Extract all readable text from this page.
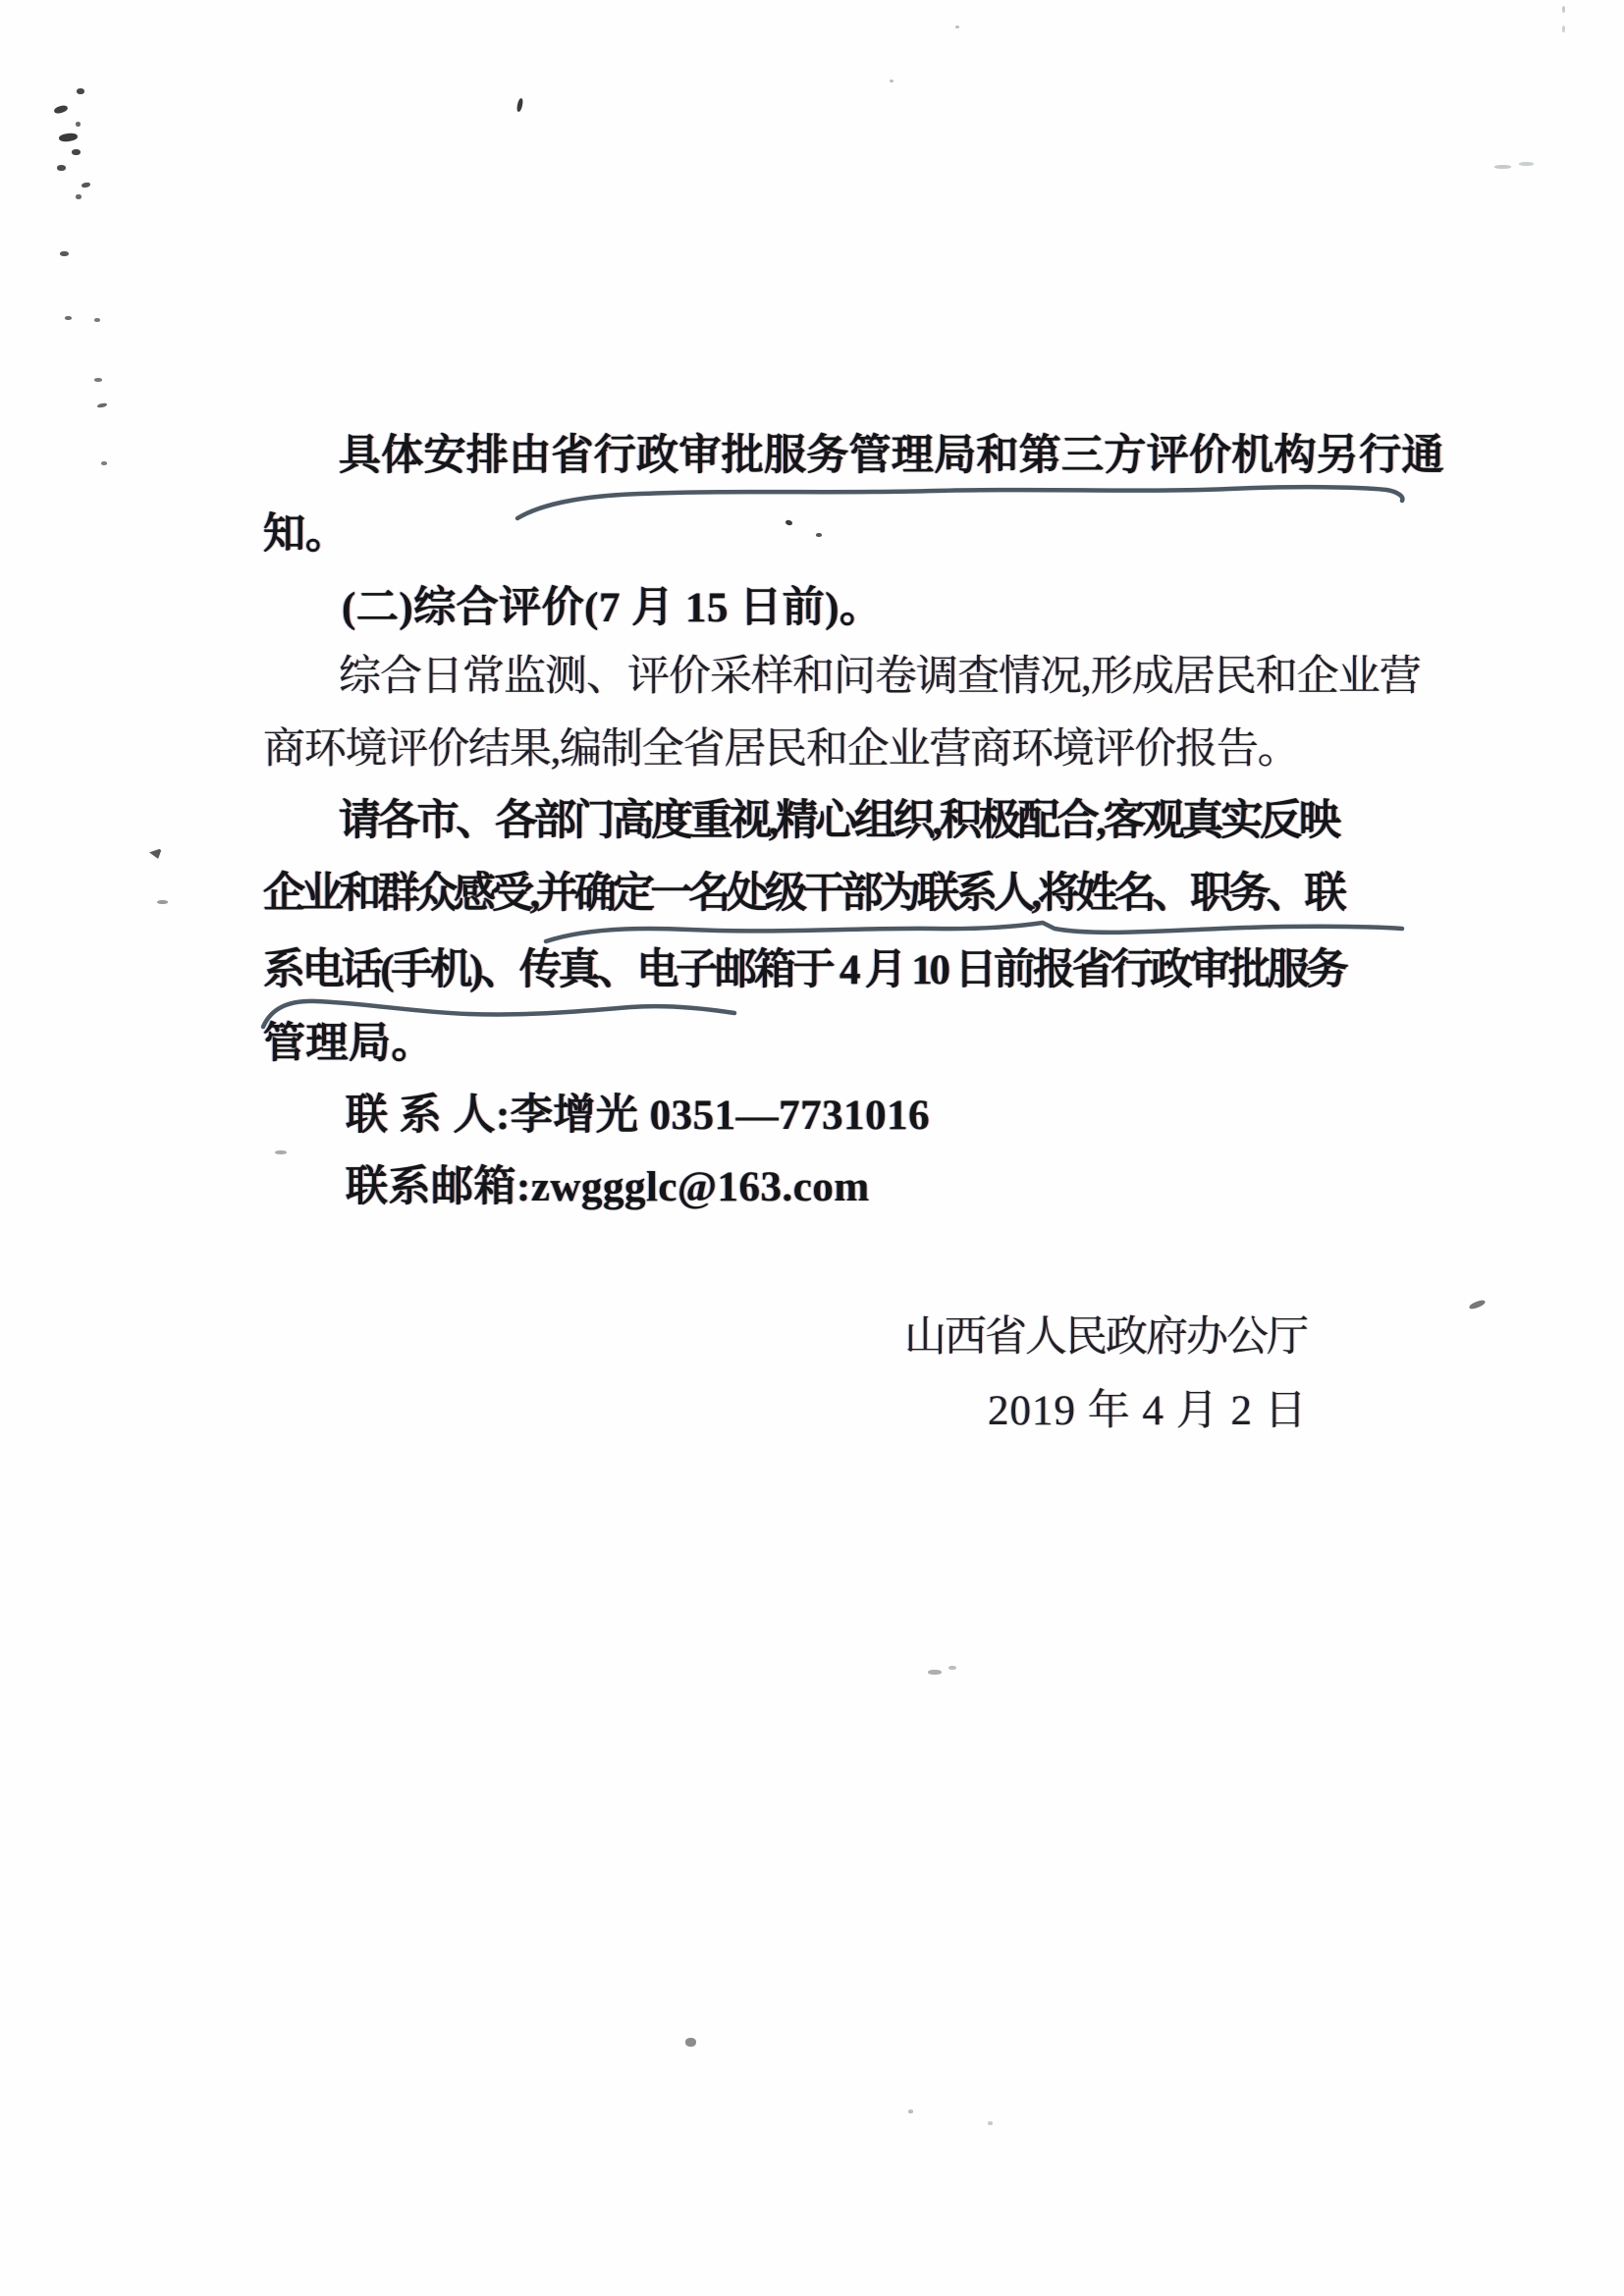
具体安排由省行政审批服务管理局和第三方评价机构另行通
知。
(二)综合评价(7 月 15 日前)。
综合日常监测、评价采样和问卷调查情况,形成居民和企业营
商环境评价结果,编制全省居民和企业营商环境评价报告。
请各市、各部门高度重视,精心组织,积极配合,客观真实反映
企业和群众感受,并确定一名处级干部为联系人,将姓名、职务、联
系电话(手机)、传真、电子邮箱于 4 月 10 日前报省行政审批服务
管理局。
联 系 人:李增光 0351—7731016
联系邮箱:zwggglc@163.com
山西省人民政府办公厅
2019 年 4 月 2 日
